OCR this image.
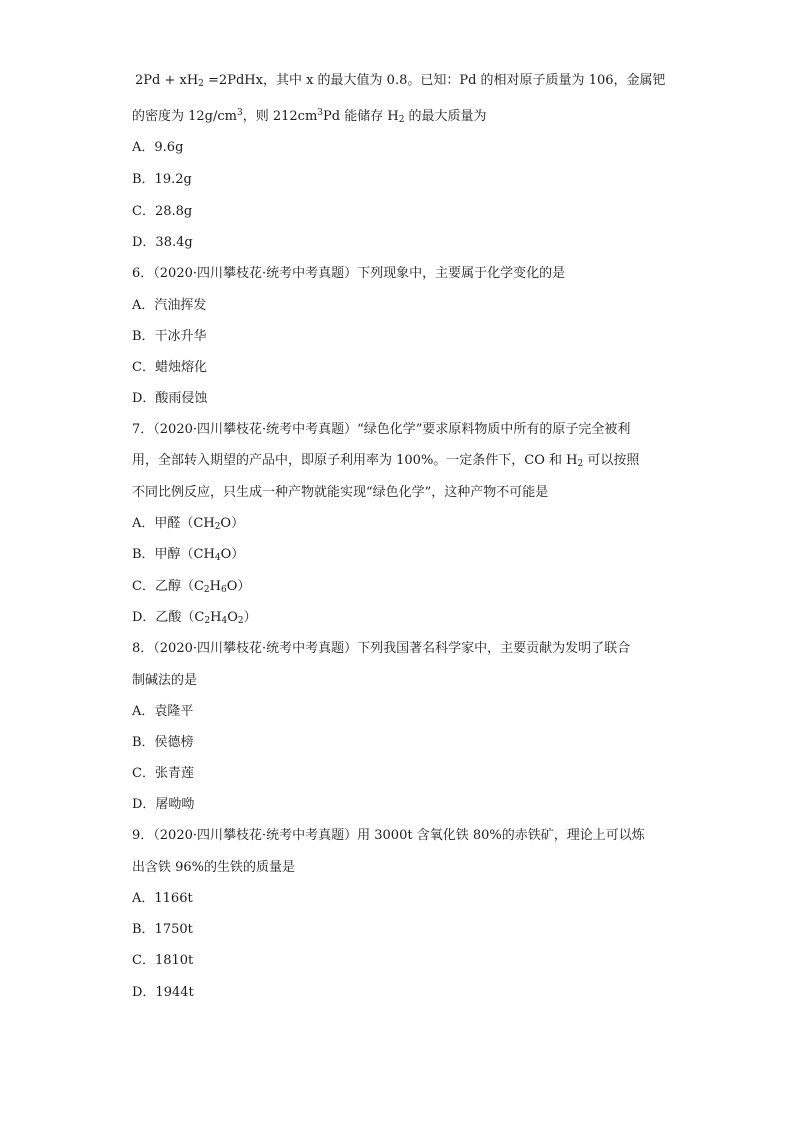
$2Pd + xH_2$ =2PdHx，其中 x 的最大值为 0.8。已知：Pd 的相对原子质量为 106，金属钯
的密度为 $12g/cm^3$，则 $212cm^3Pd$ 能储存 $H_2$ 的最大质量为
A．9.6g
B．19.2g
C．28.8g
D．38.4g
6．（2020·四川攀枝花·统考中考真题）下列现象中，主要属于化学变化的是
A．汽油挥发
B．干冰升华
C．蜡烛熔化
D．酸雨侵蚀
7．（2020·四川攀枝花·统考中考真题）“绿色化学”要求原料物质中所有的原子完全被利
用，全部转入期望的产品中，即原子利用率为 100%。一定条件下，CO 和 $H_2$ 可以按照
不同比例反应，只生成一种产物就能实现“绿色化学”，这种产物不可能是
A．甲醛$(CH_2O)$
B．甲醇$(CH_4O)$
C．乙醇$(C_2H_6O)$
D．乙酸$(C_2H_4O_2)$
8．（2020·四川攀枝花·统考中考真题）下列我国著名科学家中，主要贡献为发明了联合
制碱法的是
A．袁隆平
B．侯德榜
C．张青莲
D．屠呦呦
9．（2020·四川攀枝花·统考中考真题）用 3000t 含氧化铁 80%的赤铁矿，理论上可以炼
出含铁 96%的生铁的质量是
A．1166t
B．1750t
C．1810t
D．1944t
